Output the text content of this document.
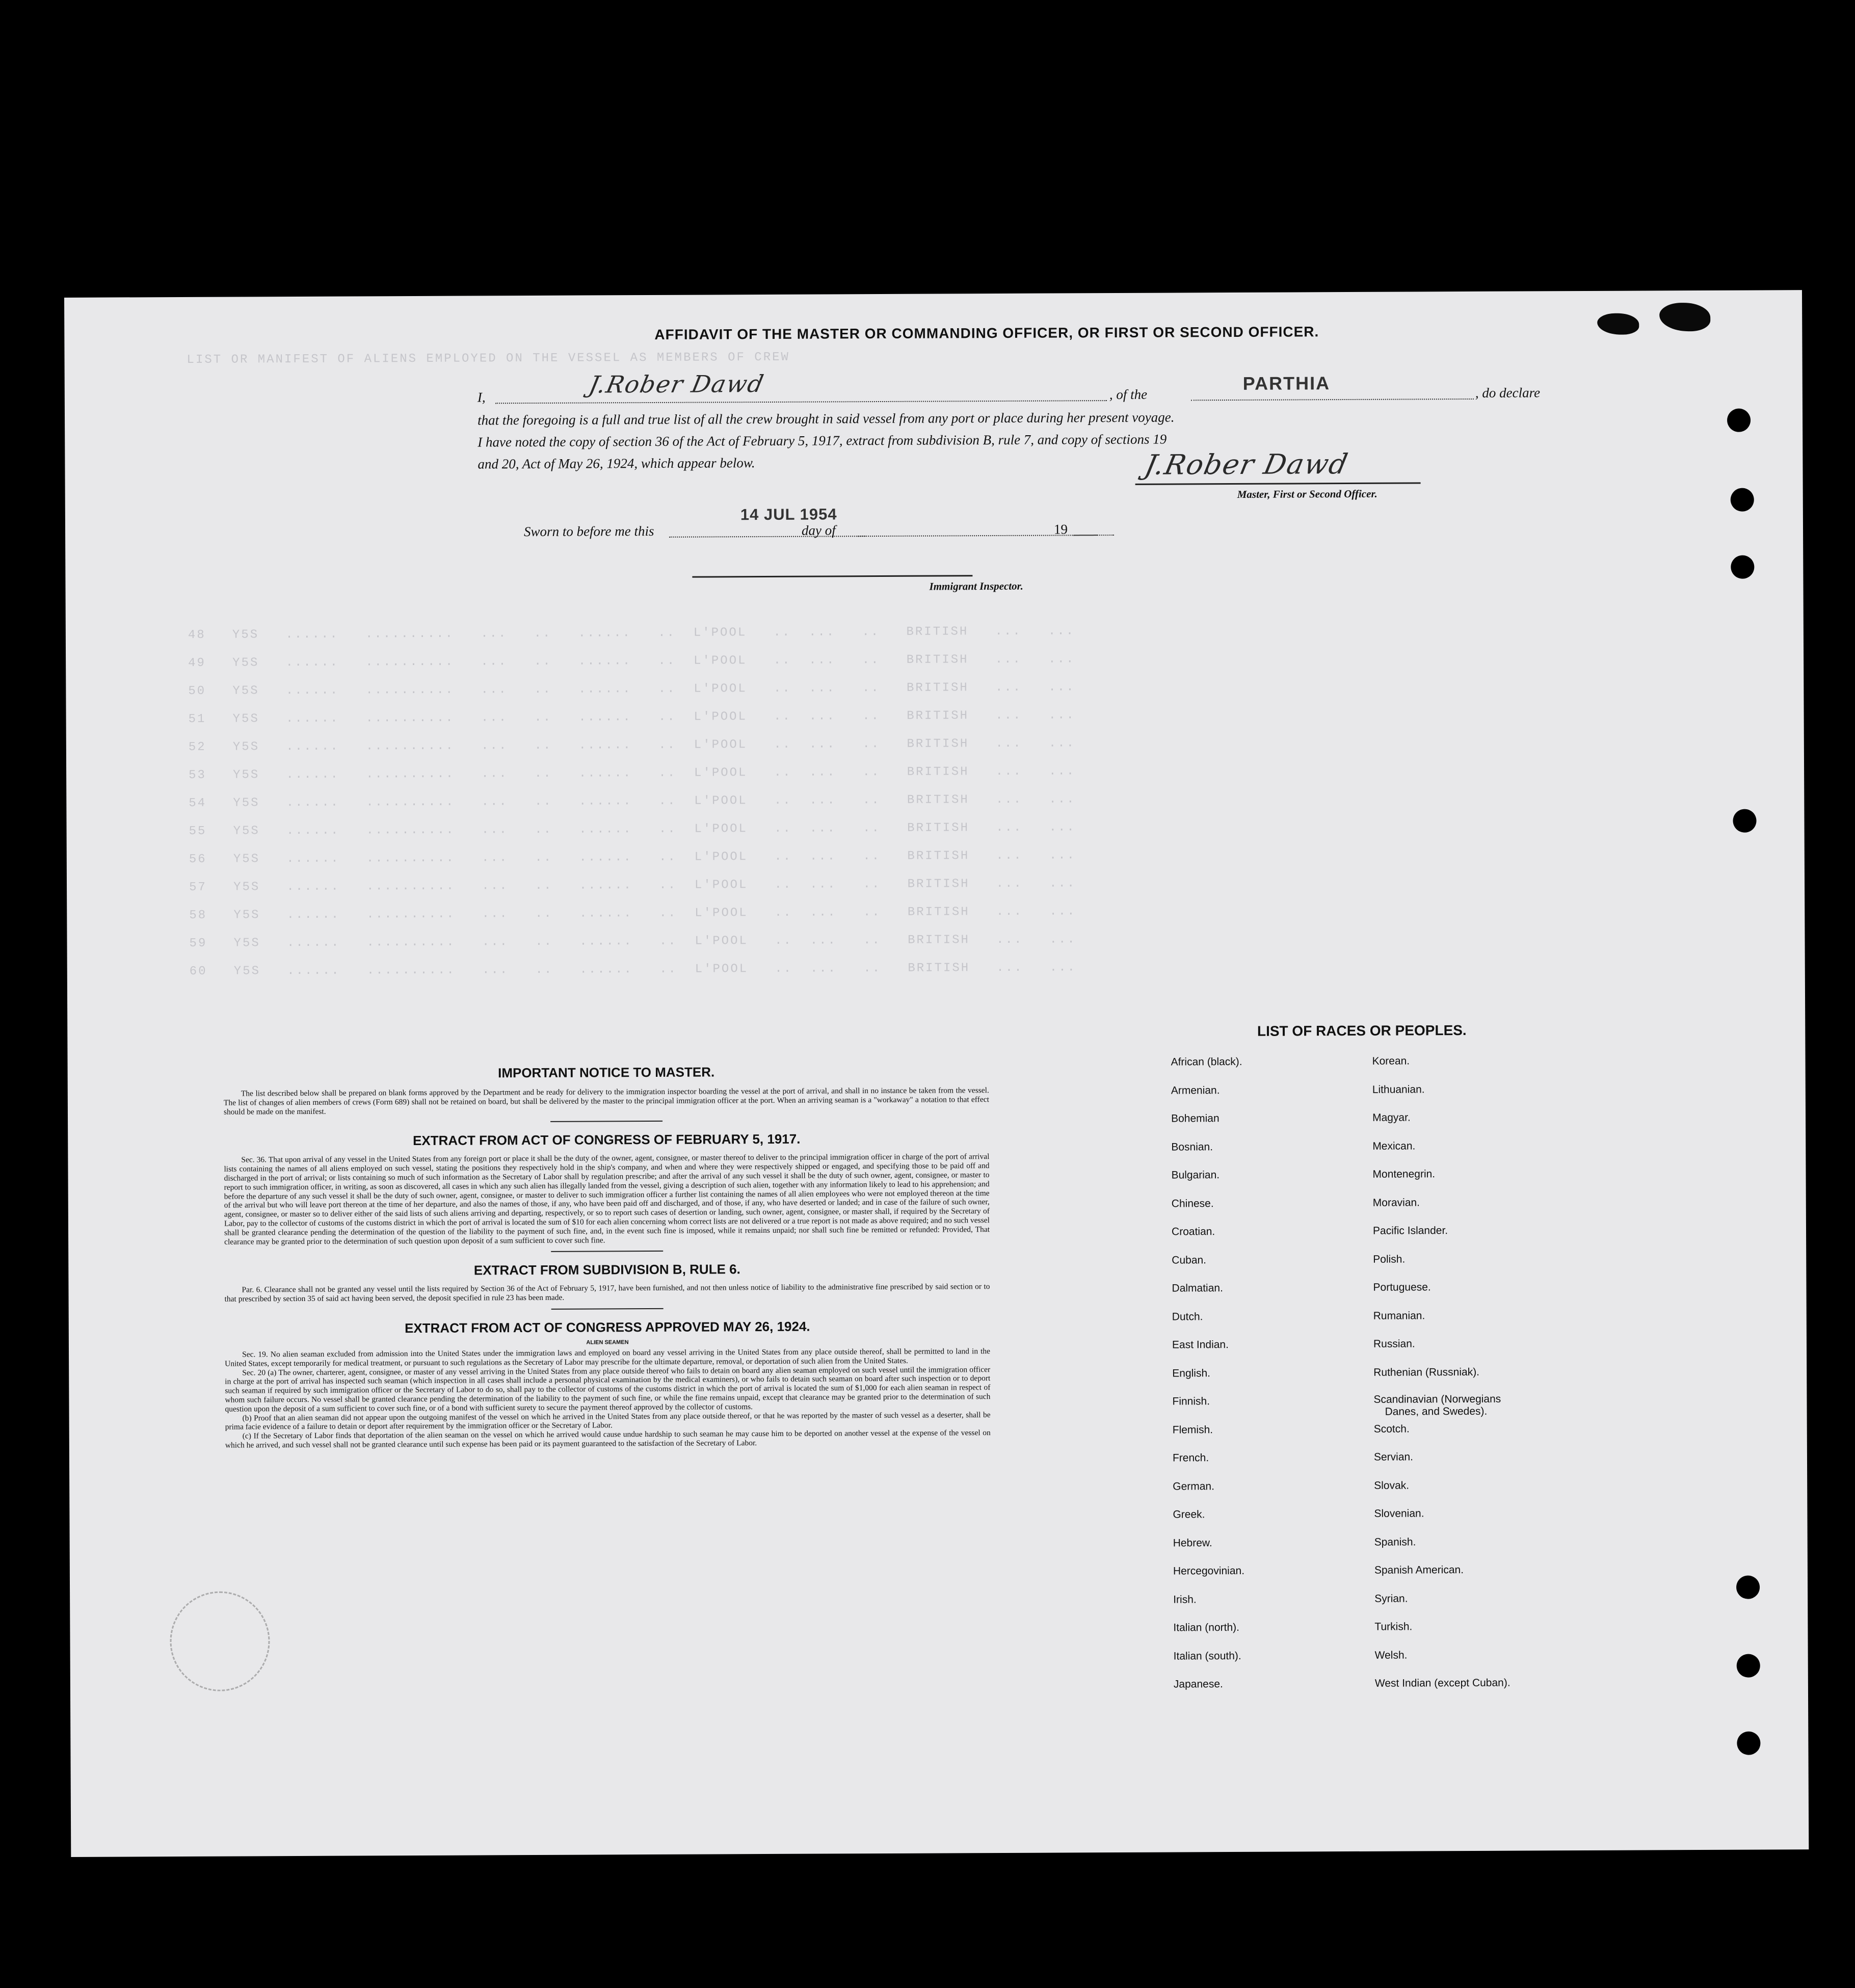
LIST OR MANIFEST OF ALIENS EMPLOYED ON THE VESSEL AS MEMBERS OF CREW
48   Y5S   ......   ..........   ...   ..   ......   ..  L'POOL   ..  ...   ..   BRITISH   ...   ...
49   Y5S   ......   ..........   ...   ..   ......   ..  L'POOL   ..  ...   ..   BRITISH   ...   ...
50   Y5S   ......   ..........   ...   ..   ......   ..  L'POOL   ..  ...   ..   BRITISH   ...   ...
51   Y5S   ......   ..........   ...   ..   ......   ..  L'POOL   ..  ...   ..   BRITISH   ...   ...
52   Y5S   ......   ..........   ...   ..   ......   ..  L'POOL   ..  ...   ..   BRITISH   ...   ...
53   Y5S   ......   ..........   ...   ..   ......   ..  L'POOL   ..  ...   ..   BRITISH   ...   ...
54   Y5S   ......   ..........   ...   ..   ......   ..  L'POOL   ..  ...   ..   BRITISH   ...   ...
55   Y5S   ......   ..........   ...   ..   ......   ..  L'POOL   ..  ...   ..   BRITISH   ...   ...
56   Y5S   ......   ..........   ...   ..   ......   ..  L'POOL   ..  ...   ..   BRITISH   ...   ...
57   Y5S   ......   ..........   ...   ..   ......   ..  L'POOL   ..  ...   ..   BRITISH   ...   ...
58   Y5S   ......   ..........   ...   ..   ......   ..  L'POOL   ..  ...   ..   BRITISH   ...   ...
59   Y5S   ......   ..........   ...   ..   ......   ..  L'POOL   ..  ...   ..   BRITISH   ...   ...
60   Y5S   ......   ..........   ...   ..   ......   ..  L'POOL   ..  ...   ..   BRITISH   ...   ...
AFFIDAVIT OF THE MASTER OR COMMANDING OFFICER, OR FIRST OR SECOND OFFICER.
I,	J.Rober Dawd	, of the
PARTHIA	, do declare
that the foregoing is a full and true list of all the crew brought in said vessel from any port or place during her present voyage.
I have noted the copy of section 36 of the Act of February 5, 1917, extract from subdivision B, rule 7, and copy of sections 19
and 20, Act of May 26, 1924, which appear below.	J.Rober Dawd
Master, First or Second Officer.
Sworn to before me this
14 JUL 1954
day of	19
Immigrant Inspector.
IMPORTANT NOTICE TO MASTER.

The list described below shall be prepared on blank forms approved by the Department and be ready for delivery to the immigration inspector boarding the vessel at the port of arrival, and shall in no instance be taken from the vessel. The list of changes of alien members of crews (Form 689) shall not be retained on board, but shall be delivered by the master to the principal immigration officer at the port. When an arriving seaman is a "workaway" a notation to that effect should be made on the manifest.

EXTRACT FROM ACT OF CONGRESS OF FEBRUARY 5, 1917.

Sec. 36. That upon arrival of any vessel in the United States from any foreign port or place it shall be the duty of the owner, agent, consignee, or master thereof to deliver to the principal immigration officer in charge of the port of arrival lists containing the names of all aliens employed on such vessel, stating the positions they respectively hold in the ship's company, and when and where they were respectively shipped or engaged, and specifying those to be paid off and discharged in the port of arrival; or lists containing so much of such information as the Secretary of Labor shall by regulation prescribe; and after the arrival of any such vessel it shall be the duty of such owner, agent, consignee, or master to report to such immigration officer, in writing, as soon as discovered, all cases in which any such alien has illegally landed from the vessel, giving a description of such alien, together with any information likely to lead to his apprehension; and before the departure of any such vessel it shall be the duty of such owner, agent, consignee, or master to deliver to such immigration officer a further list containing the names of all alien employees who were not employed thereon at the time of the arrival but who will leave port thereon at the time of her departure, and also the names of those, if any, who have been paid off and discharged, and of those, if any, who have deserted or landed; and in case of the failure of such owner, agent, consignee, or master so to deliver either of the said lists of such aliens arriving and departing, respectively, or so to report such cases of desertion or landing, such owner, agent, consignee, or master shall, if required by the Secretary of Labor, pay to the collector of customs of the customs district in which the port of arrival is located the sum of $10 for each alien concerning whom correct lists are not delivered or a true report is not made as above required; and no such vessel shall be granted clearance pending the determination of the question of the liability to the payment of such fine, and, in the event such fine is imposed, while it remains unpaid; nor shall such fine be remitted or refunded: Provided, That clearance may be granted prior to the determination of such question upon deposit of a sum sufficient to cover such fine.

EXTRACT FROM SUBDIVISION B, RULE 6.

Par. 6. Clearance shall not be granted any vessel until the lists required by Section 36 of the Act of February 5, 1917, have been furnished, and not then unless notice of liability to the administrative fine prescribed by said section or to that prescribed by section 35 of said act having been served, the deposit specified in rule 23 has been made.

EXTRACT FROM ACT OF CONGRESS APPROVED MAY 26, 1924.
ALIEN SEAMEN

Sec. 19. No alien seaman excluded from admission into the United States under the immigration laws and employed on board any vessel arriving in the United States from any place outside thereof, shall be permitted to land in the United States, except temporarily for medical treatment, or pursuant to such regulations as the Secretary of Labor may prescribe for the ultimate departure, removal, or deportation of such alien from the United States.

Sec. 20 (a) The owner, charterer, agent, consignee, or master of any vessel arriving in the United States from any place outside thereof who fails to detain on board any alien seaman employed on such vessel until the immigration officer in charge at the port of arrival has inspected such seaman (which inspection in all cases shall include a personal physical examination by the medical examiners), or who fails to detain such seaman on board after such inspection or to deport such seaman if required by such immigration officer or the Secretary of Labor to do so, shall pay to the collector of customs of the customs district in which the port of arrival is located the sum of $1,000 for each alien seaman in respect of whom such failure occurs. No vessel shall be granted clearance pending the determination of the liability to the payment of such fine, or while the fine remains unpaid, except that clearance may be granted prior to the determination of such question upon the deposit of a sum sufficient to cover such fine, or of a bond with sufficient surety to secure the payment thereof approved by the collector of customs.

(b) Proof that an alien seaman did not appear upon the outgoing manifest of the vessel on which he arrived in the United States from any place outside thereof, or that he was reported by the master of such vessel as a deserter, shall be prima facie evidence of a failure to detain or deport after requirement by the immigration officer or the Secretary of Labor.

(c) If the Secretary of Labor finds that deportation of the alien seaman on the vessel on which he arrived would cause undue hardship to such seaman he may cause him to be deported on another vessel at the expense of the vessel on which he arrived, and such vessel shall not be granted clearance until such expense has been paid or its payment guaranteed to the satisfaction of the Secretary of Labor.

LIST OF RACES OR PEOPLES.
African (black).
Armenian.
Bohemian
Bosnian.
Bulgarian.
Chinese.
Croatian.
Cuban.
Dalmatian.
Dutch.
East Indian.
English.
Finnish.
Flemish.
French.
German.
Greek.
Hebrew.
Hercegovinian.
Irish.
Italian (north).
Italian (south).
Japanese.
Korean.
Lithuanian.
Magyar.
Mexican.
Montenegrin.
Moravian.
Pacific Islander.
Polish.
Portuguese.
Rumanian.
Russian.
Ruthenian (Russniak).
Scandinavian (Norwegians
Danes, and Swedes).
Scotch.
Servian.
Slovak.
Slovenian.
Spanish.
Spanish American.
Syrian.
Turkish.
Welsh.
West Indian (except Cuban).
